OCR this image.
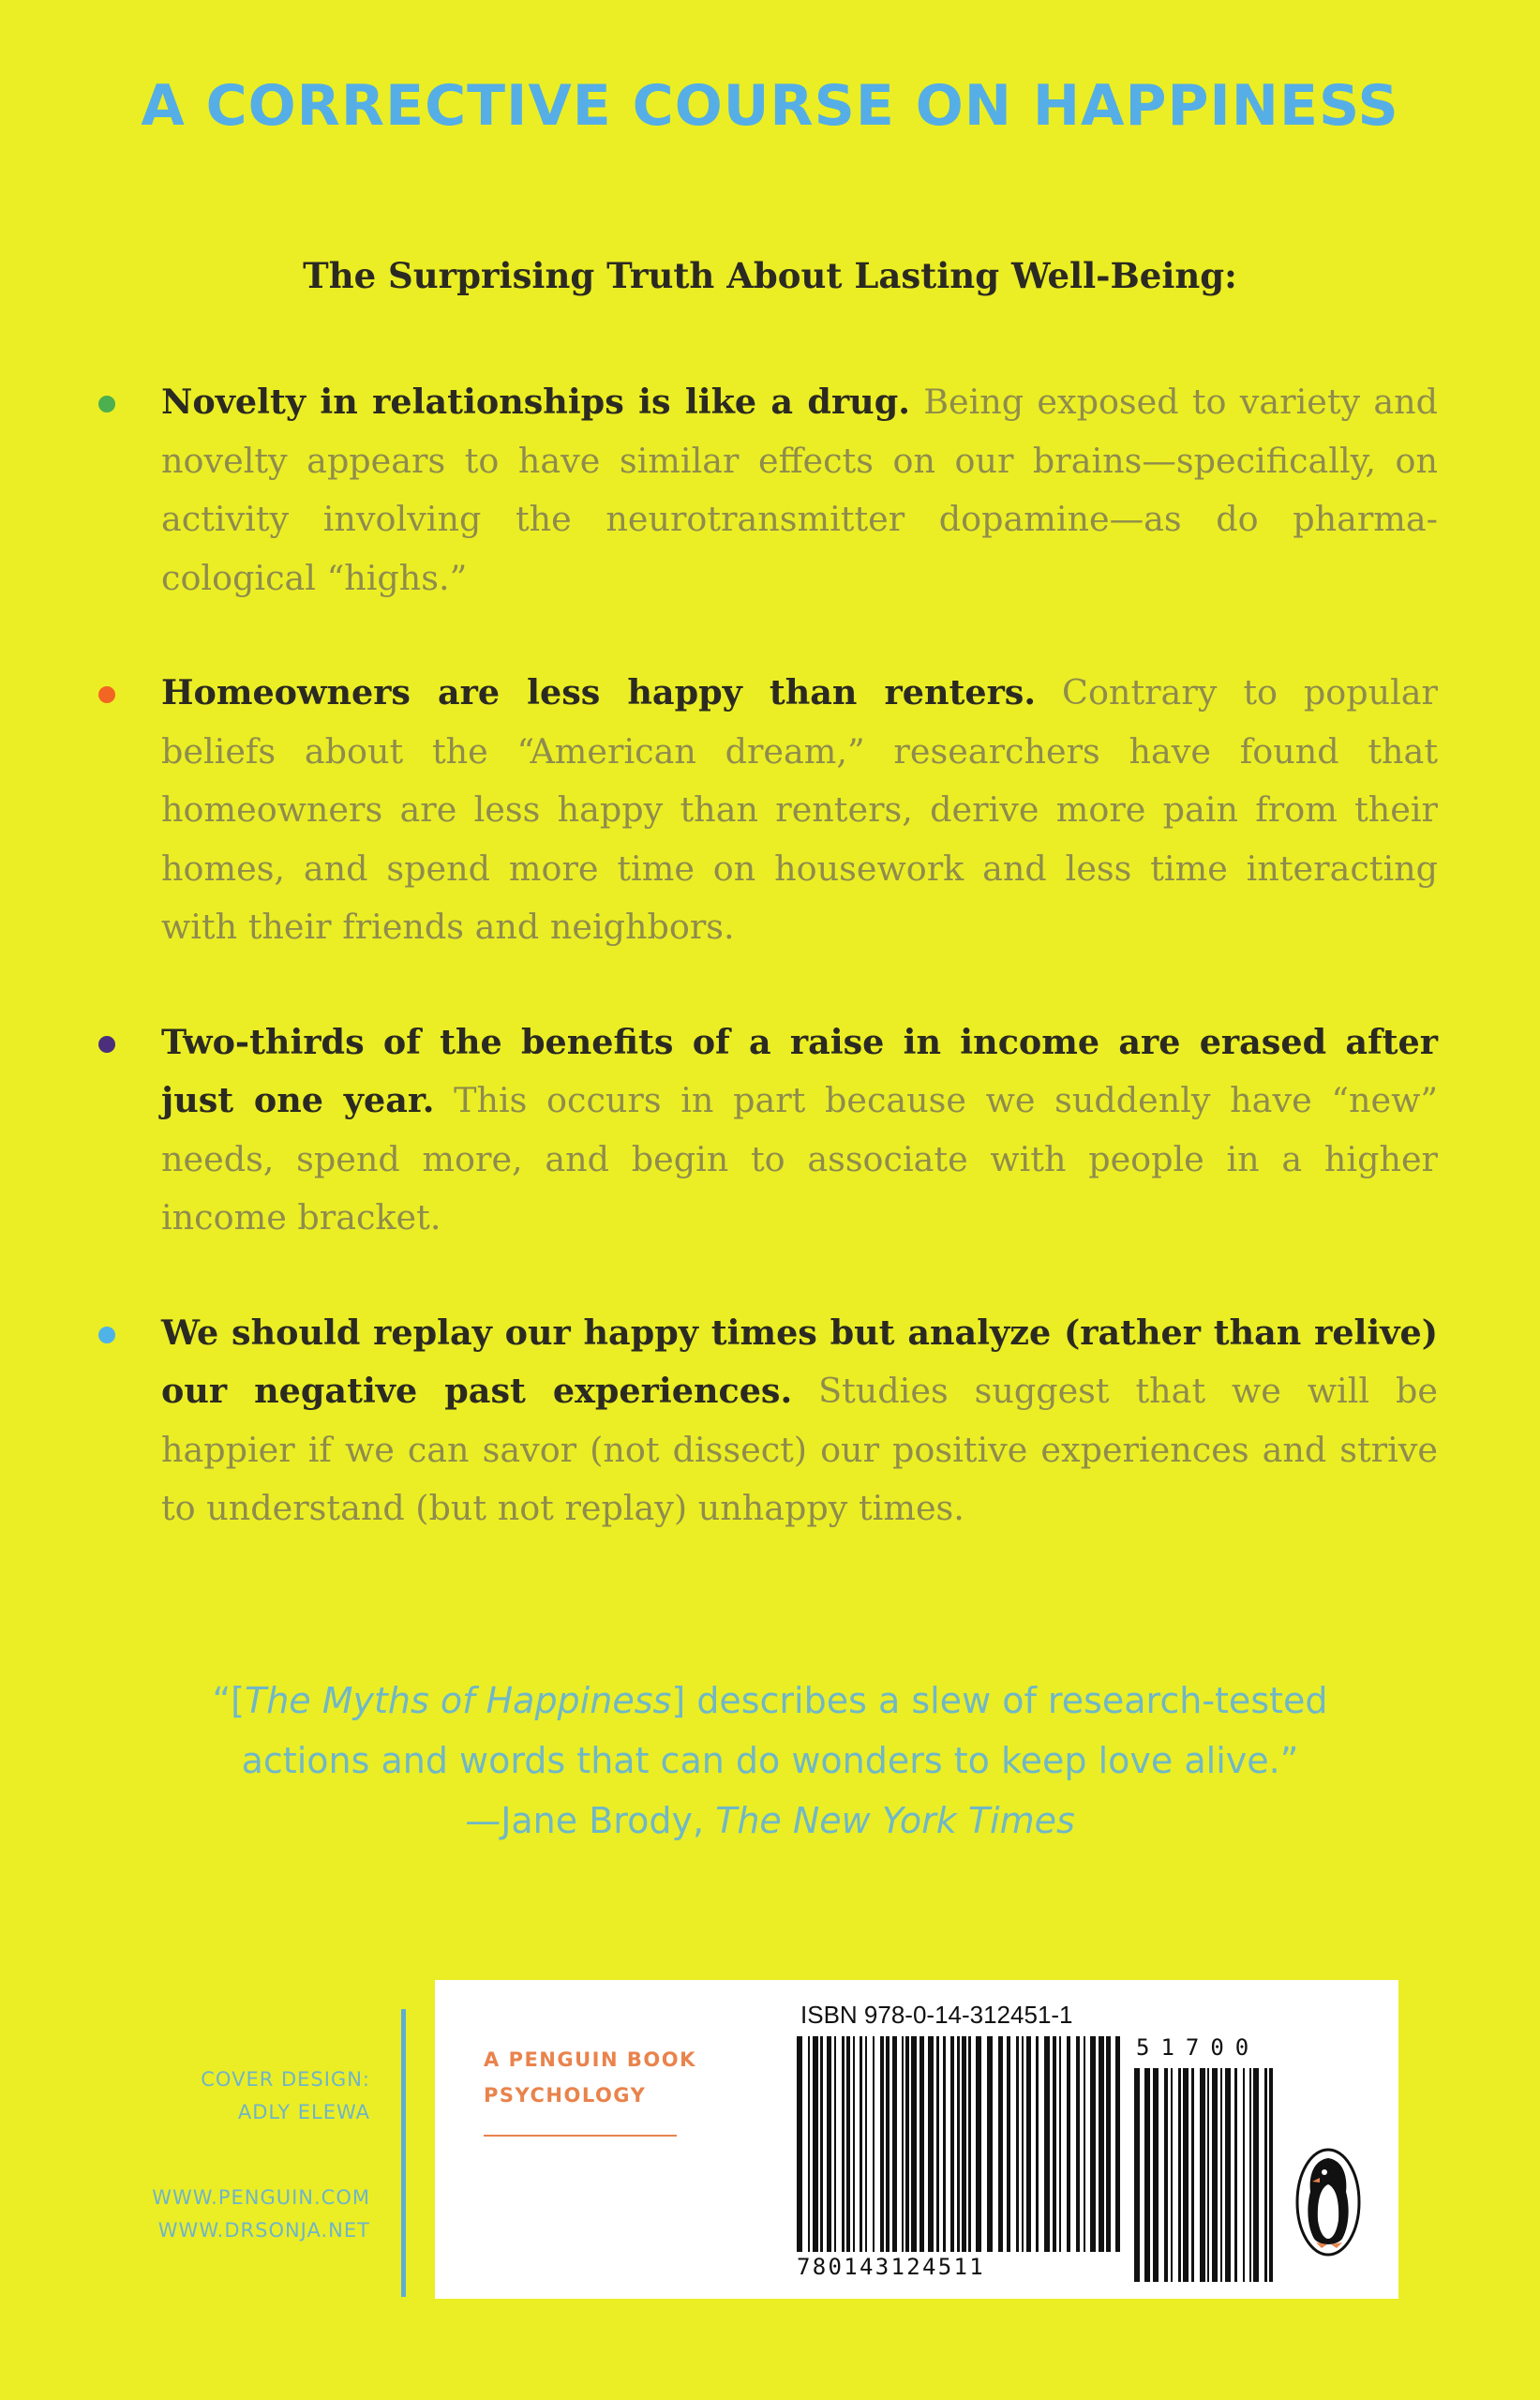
A CORRECTIVE COURSE ON HAPPINESS
The Surprising Truth About Lasting Well-Being:
Novelty in relationships is like a drug. Being exposed to variety and novelty appears to have similar effects on our brains—specifically, on activity involving the neurotransmitter dopamine—as do pharma-cological “highs.”
Homeowners are less happy than renters. Contrary to popular beliefs about the “American dream,” researchers have found that homeowners are less happy than renters, derive more pain from their homes, and spend more time on housework and less time interacting with their friends and neighbors.
Two-thirds of the benefits of a raise in income are erased after just one year. This occurs in part because we suddenly have “new” needs, spend more, and begin to associate with people in a higher income bracket.
We should replay our happy times but analyze (rather than relive) our negative past experiences. Studies suggest that we will be happier if we can savor (not dissect) our positive experiences and strive to understand (but not replay) unhappy times.
“[The Myths of Happiness] describes a slew of research-tested
actions and words that can do wonders to keep love alive.”
—Jane Brody, The New York Times
COVER DESIGN:
ADLY ELEWA
WWW.PENGUIN.COM
WWW.DRSONJA.NET
A PENGUIN BOOK
PSYCHOLOGY
ISBN 978-0-14-312451-1
780143124511
51700
